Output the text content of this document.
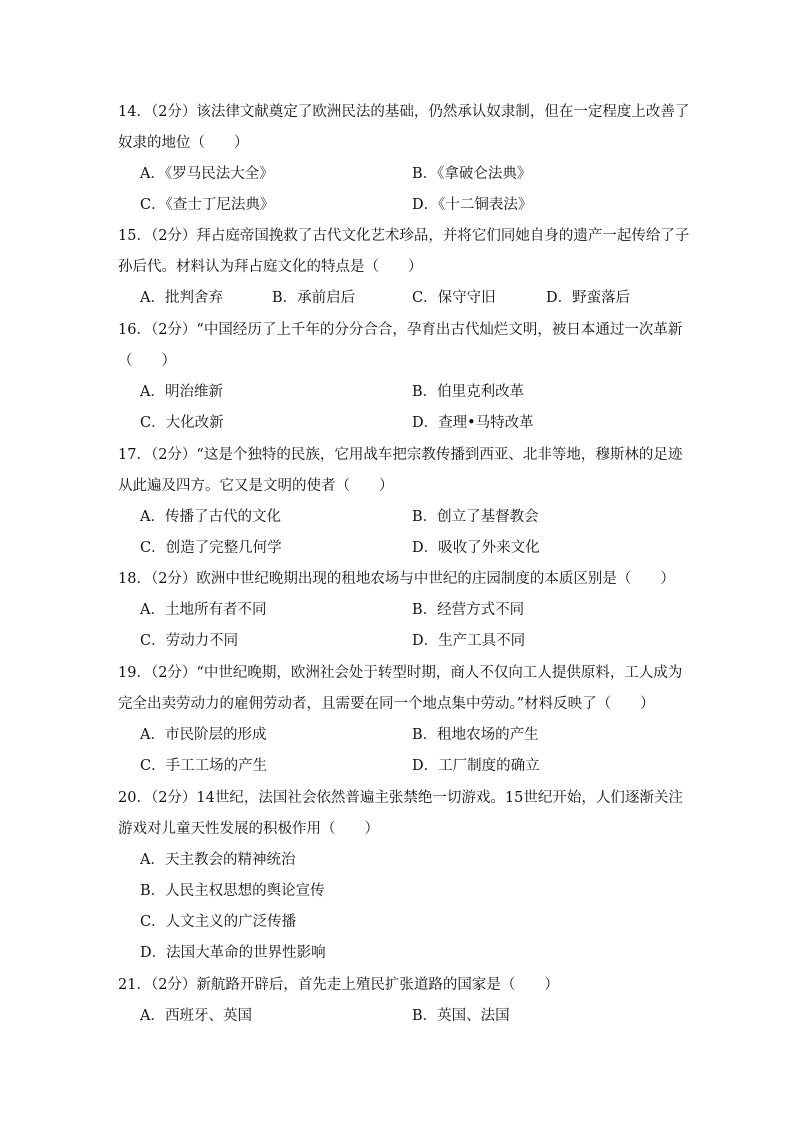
14．（2分）该法律文献奠定了欧洲民法的基础，仍然承认奴隶制，但在一定程度上改善了
奴隶的地位（　　）
A．《罗马民法大全》	B．《拿破仑法典》
C．《查士丁尼法典》	D．《十二铜表法》
15．（2分）拜占庭帝国挽救了古代文化艺术珍品，并将它们同她自身的遗产一起传给了子
孙后代。材料认为拜占庭文化的特点是（　　）
A．批判舍弃	B．承前启后	C．保守守旧	D．野蛮落后
16．（2分）“中国经历了上千年的分分合合，孕育出古代灿烂文明，被日本通过一次革新
（　　）
A．明治维新	B．伯里克利改革
C．大化改新	D．查理•马特改革
17．（2分）“这是个独特的民族，它用战车把宗教传播到西亚、北非等地，穆斯林的足迹
从此遍及四方。它又是文明的使者（　　）
A．传播了古代的文化	B．创立了基督教会
C．创造了完整几何学	D．吸收了外来文化
18．（2分）欧洲中世纪晚期出现的租地农场与中世纪的庄园制度的本质区别是（　　）
A．土地所有者不同	B．经营方式不同
C．劳动力不同	D．生产工具不同
19．（2分）“中世纪晚期，欧洲社会处于转型时期，商人不仅向工人提供原料，工人成为
完全出卖劳动力的雇佣劳动者，且需要在同一个地点集中劳动。”材料反映了（　　）
A．市民阶层的形成	B．租地农场的产生
C．手工工场的产生	D．工厂制度的确立
20．（2分）14世纪，法国社会依然普遍主张禁绝一切游戏。15世纪开始，人们逐渐关注
游戏对儿童天性发展的积极作用（　　）
A．天主教会的精神统治
B．人民主权思想的舆论宣传
C．人文主义的广泛传播
D．法国大革命的世界性影响
21．（2分）新航路开辟后，首先走上殖民扩张道路的国家是（　　）
A．西班牙、英国	B．英国、法国
